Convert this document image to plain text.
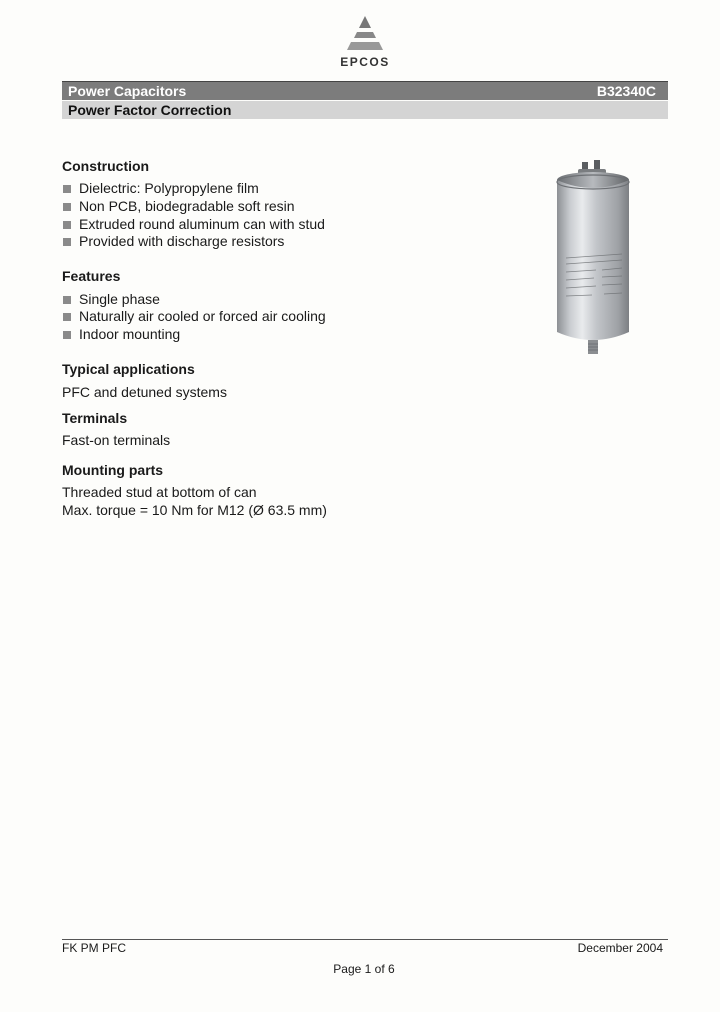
EPCOS
Power Capacitors	B32340C
Power Factor Correction
Construction
Dielectric: Polypropylene film
Non PCB, biodegradable soft resin
Extruded round aluminum can with stud
Provided with discharge resistors
Features
Single phase
Naturally air cooled or forced air cooling
Indoor mounting
Typical applications
PFC and detuned systems
Terminals
Fast-on terminals
Mounting parts
Threaded stud at bottom of can
Max. torque = 10 Nm for M12 (Ø 63.5 mm)
FK PM PFC	December 2004
Page 1 of 6
